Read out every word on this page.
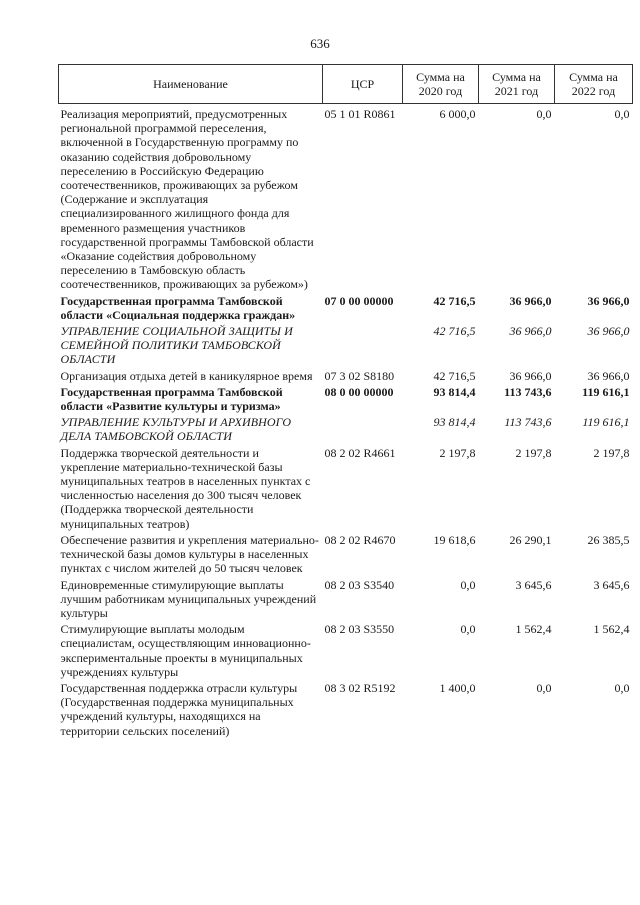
636
Наименование	ЦСР	Сумма на 2020 год	Сумма на 2021 год	Сумма на 2022 год
Реализация мероприятий, предусмотренных региональной программой переселения, включенной в Государственную программу по оказанию содействия добровольному переселению в Российскую Федерацию соотечественников, проживающих за рубежом (Содержание и эксплуатация специализированного жилищного фонда для временного размещения участников государственной программы Тамбовской области «Оказание содействия добровольному переселению в Тамбовскую область соотечественников, проживающих за рубежом»)	05 1 01 R0861	6 000,0	0,0	0,0
Государственная программа Тамбовской области «Социальная поддержка граждан»	07 0 00 00000	42 716,5	36 966,0	36 966,0
УПРАВЛЕНИЕ СОЦИАЛЬНОЙ ЗАЩИТЫ И СЕМЕЙНОЙ ПОЛИТИКИ ТАМБОВСКОЙ ОБЛАСТИ		42 716,5	36 966,0	36 966,0
Организация отдыха детей в каникулярное время	07 3 02 S8180	42 716,5	36 966,0	36 966,0
Государственная программа Тамбовской области «Развитие культуры и туризма»	08 0 00 00000	93 814,4	113 743,6	119 616,1
УПРАВЛЕНИЕ КУЛЬТУРЫ И АРХИВНОГО ДЕЛА ТАМБОВСКОЙ ОБЛАСТИ		93 814,4	113 743,6	119 616,1
Поддержка творческой деятельности и укрепление материально-технической базы муниципальных театров в населенных пунктах с численностью населения до 300 тысяч человек (Поддержка творческой деятельности муниципальных театров)	08 2 02 R4661	2 197,8	2 197,8	2 197,8
Обеспечение развития и укрепления материально-технической базы домов культуры в населенных пунктах с числом жителей до 50 тысяч человек	08 2 02 R4670	19 618,6	26 290,1	26 385,5
Единовременные стимулирующие выплаты лучшим работникам муниципальных учреждений культуры	08 2 03 S3540	0,0	3 645,6	3 645,6
Стимулирующие выплаты молодым специалистам, осуществляющим инновационно-экспериментальные проекты в муниципальных учреждениях культуры	08 2 03 S3550	0,0	1 562,4	1 562,4
Государственная поддержка отрасли культуры (Государственная поддержка муниципальных учреждений культуры, находящихся на территории сельских поселений)	08 3 02 R5192	1 400,0	0,0	0,0
